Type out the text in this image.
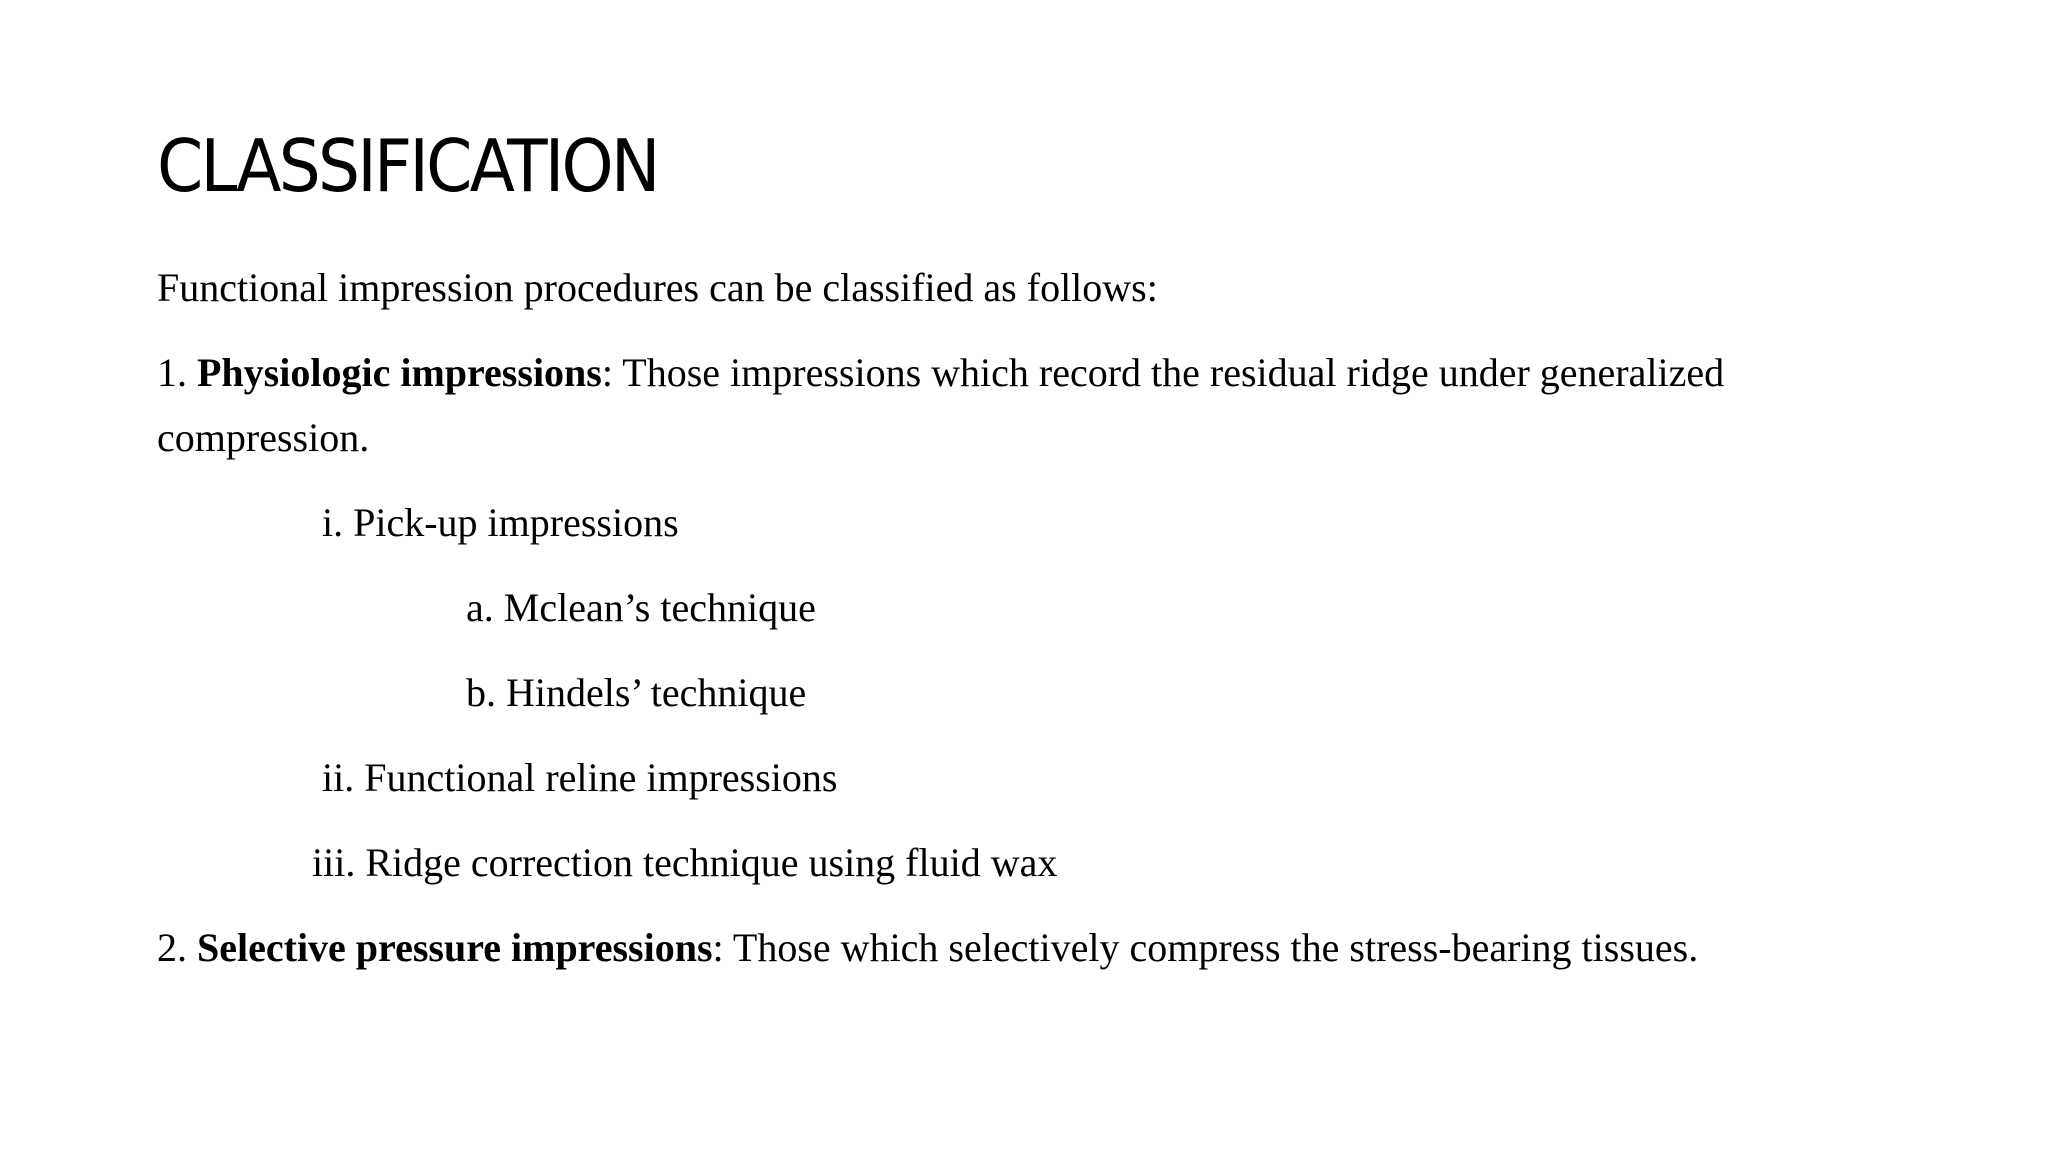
CLASSIFICATION
Functional impression procedures can be classified as follows:
1. Physiologic impressions: Those impressions which record the residual ridge under generalized
compression.
i. Pick-up impressions
a. Mclean’s technique
b. Hindels’ technique
ii. Functional reline impressions
iii. Ridge correction technique using fluid wax
2. Selective pressure impressions: Those which selectively compress the stress-bearing tissues.
